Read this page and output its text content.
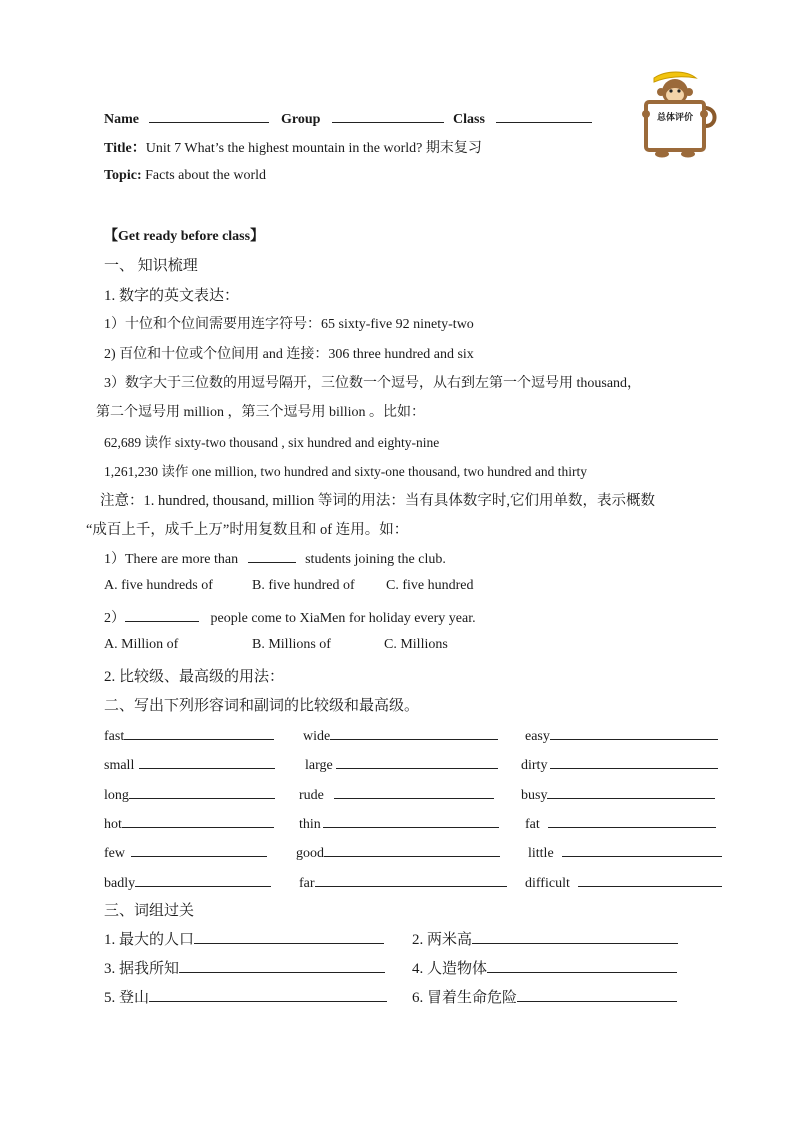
Name	Group	Class
Title：Unit 7 What’s the highest mountain in the world? 期末复习
Topic: Facts about the world
总体评价
【Get ready before class】
一、 知识梳理
1. 数字的英文表达：
1）十位和个位间需要用连字符号：65 sixty-five 92 ninety-two
2) 百位和十位或个位间用 and 连接：306 three hundred and six
3）数字大于三位数的用逗号隔开，三位数一个逗号，从右到左第一个逗号用 thousand，
第二个逗号用 million ，第三个逗号用 billion 。比如：
62,689 读作 sixty-two thousand , six hundred and eighty-nine
1,261,230 读作 one million, two hundred and sixty-one thousand, two hundred and thirty
注意：1. hundred, thousand, million 等词的用法：当有具体数字时,它们用单数，表示概数
“成百上千，成千上万”时用复数且和 of 连用。如：
1）There are more than	students joining the club.
A. five hundreds of	B. five hundred of C. five hundred
2）	people come to XiaMen for holiday every year.
A. Million of	B. Millions of	C. Millions
2. 比较级、最高级的用法：
二、写出下列形容词和副词的比较级和最高级。
fast	wide	easy
small	large	dirty
long	rude	busy
hot	thin	fat
few	good	little
badly	far	difficult
三、词组过关
1. 最大的人口	2. 两米高
3. 据我所知	4. 人造物体
5. 登山	6. 冒着生命危险
